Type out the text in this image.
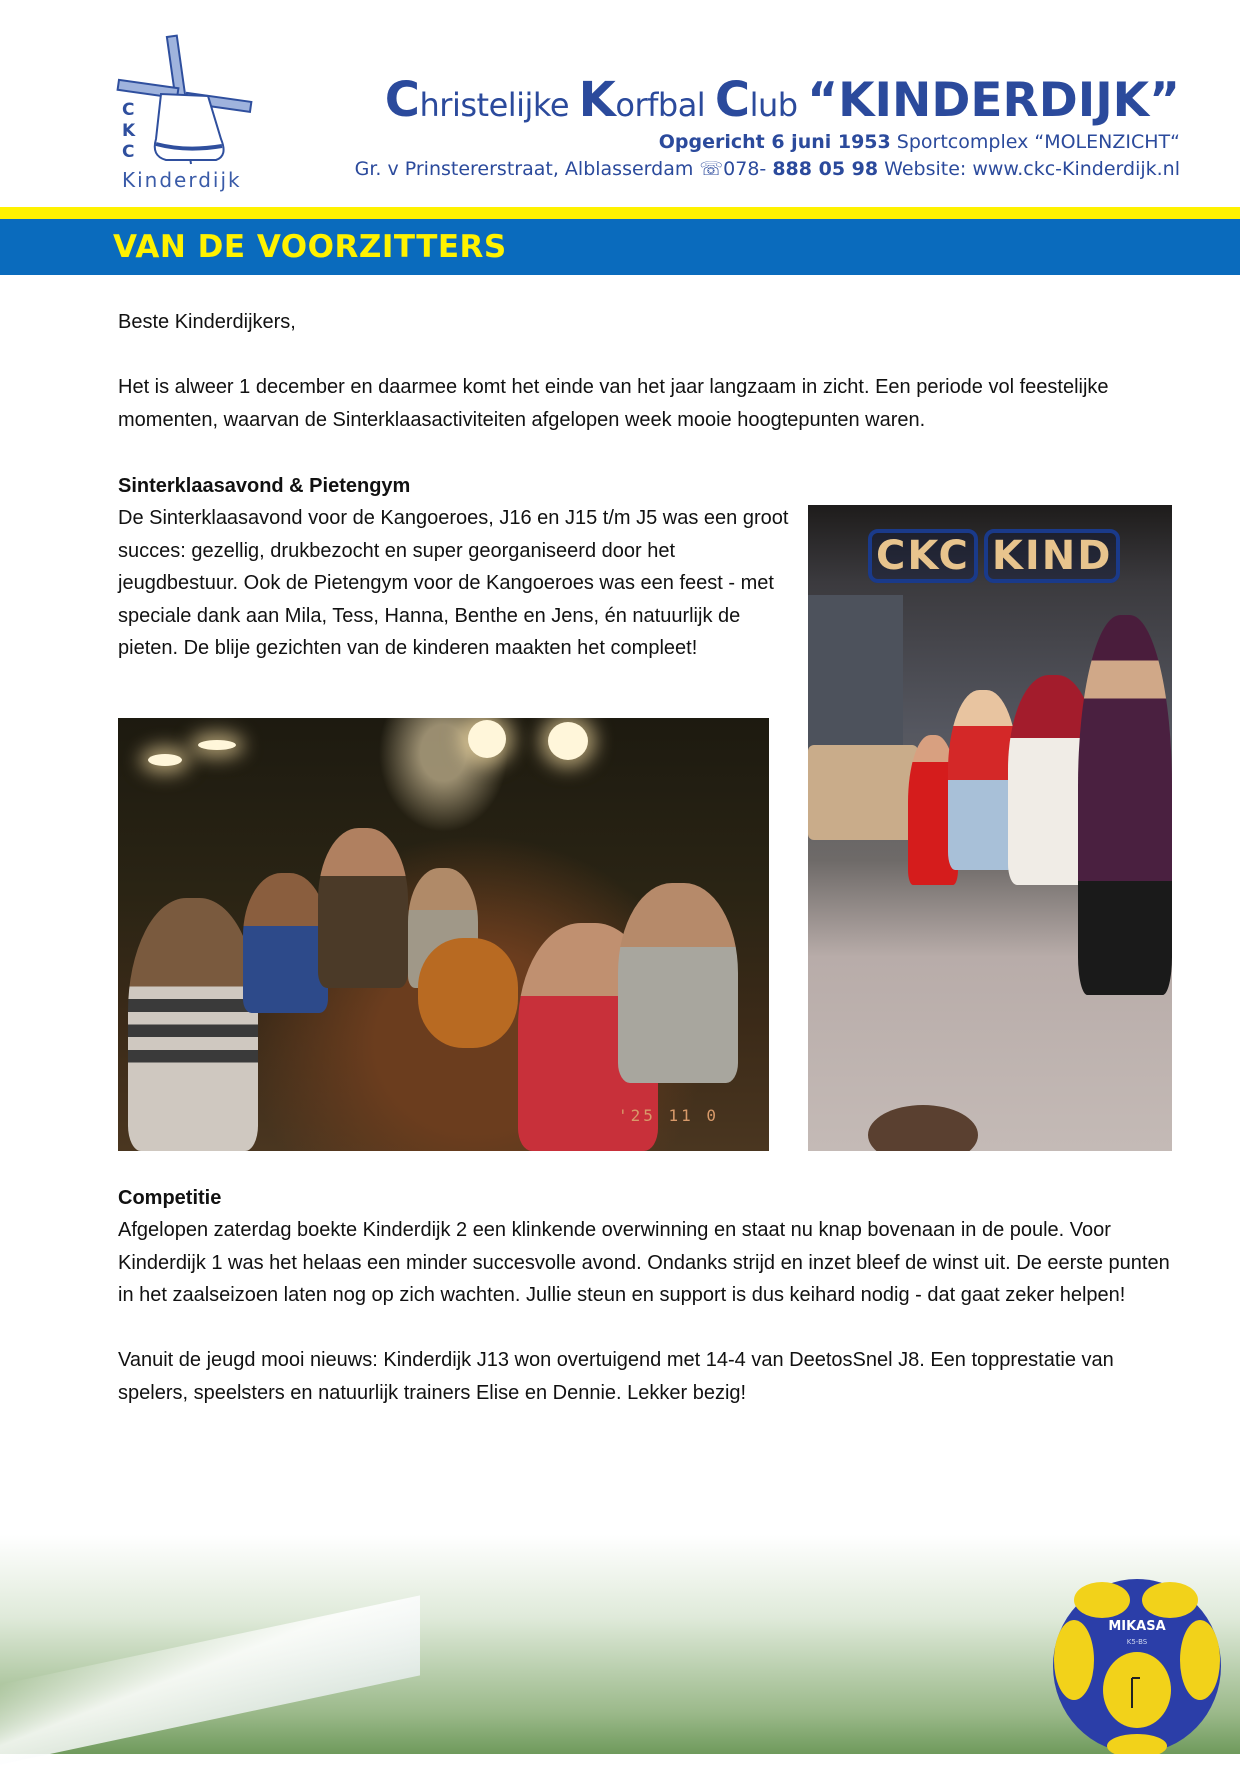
C
K
C
Kinderdijk
Christelijke Korfbal Club “KINDERDIJK”
Opgericht 6 juni 1953 Sportcomplex “MOLENZICHT“
Gr. v Prinstererstraat, Alblasserdam ☏078- 888 05 98 Website: www.ckc-Kinderdijk.nl
VAN DE VOORZITTERS
Beste Kinderdijkers,
Het is alweer 1 december en daarmee komt het einde van het jaar langzaam in zicht. Een periode vol feestelijke momenten, waarvan de Sinterklaasactiviteiten afgelopen week mooie hoogtepunten waren.
Sinterklaasavond & Pietengym
De Sinterklaasavond voor de Kangoeroes, J16 en J15 t/m J5 was een groot succes: gezellig, drukbezocht en super georganiseerd door het jeugdbestuur. Ook de Pietengym voor de Kangoeroes was een feest - met speciale dank aan Mila, Tess, Hanna, Benthe en Jens, én natuurlijk de pieten. De blije gezichten van de kinderen maakten het compleet!
'25 11 0
CKC KIND
Competitie
Afgelopen zaterdag boekte Kinderdijk 2 een klinkende overwinning en staat nu knap bovenaan in de poule. Voor Kinderdijk 1 was het helaas een minder succesvolle avond. Ondanks strijd en inzet bleef de winst uit. De eerste punten in het zaalseizoen laten nog op zich wachten. Jullie steun en support is dus keihard nodig - dat gaat zeker helpen!
Vanuit de jeugd mooi nieuws: Kinderdijk J13 won overtuigend met 14-4 van DeetosSnel J8. Een topprestatie van spelers, speelsters en natuurlijk trainers Elise en Dennie. Lekker bezig!
MIKASA
K5-BS
